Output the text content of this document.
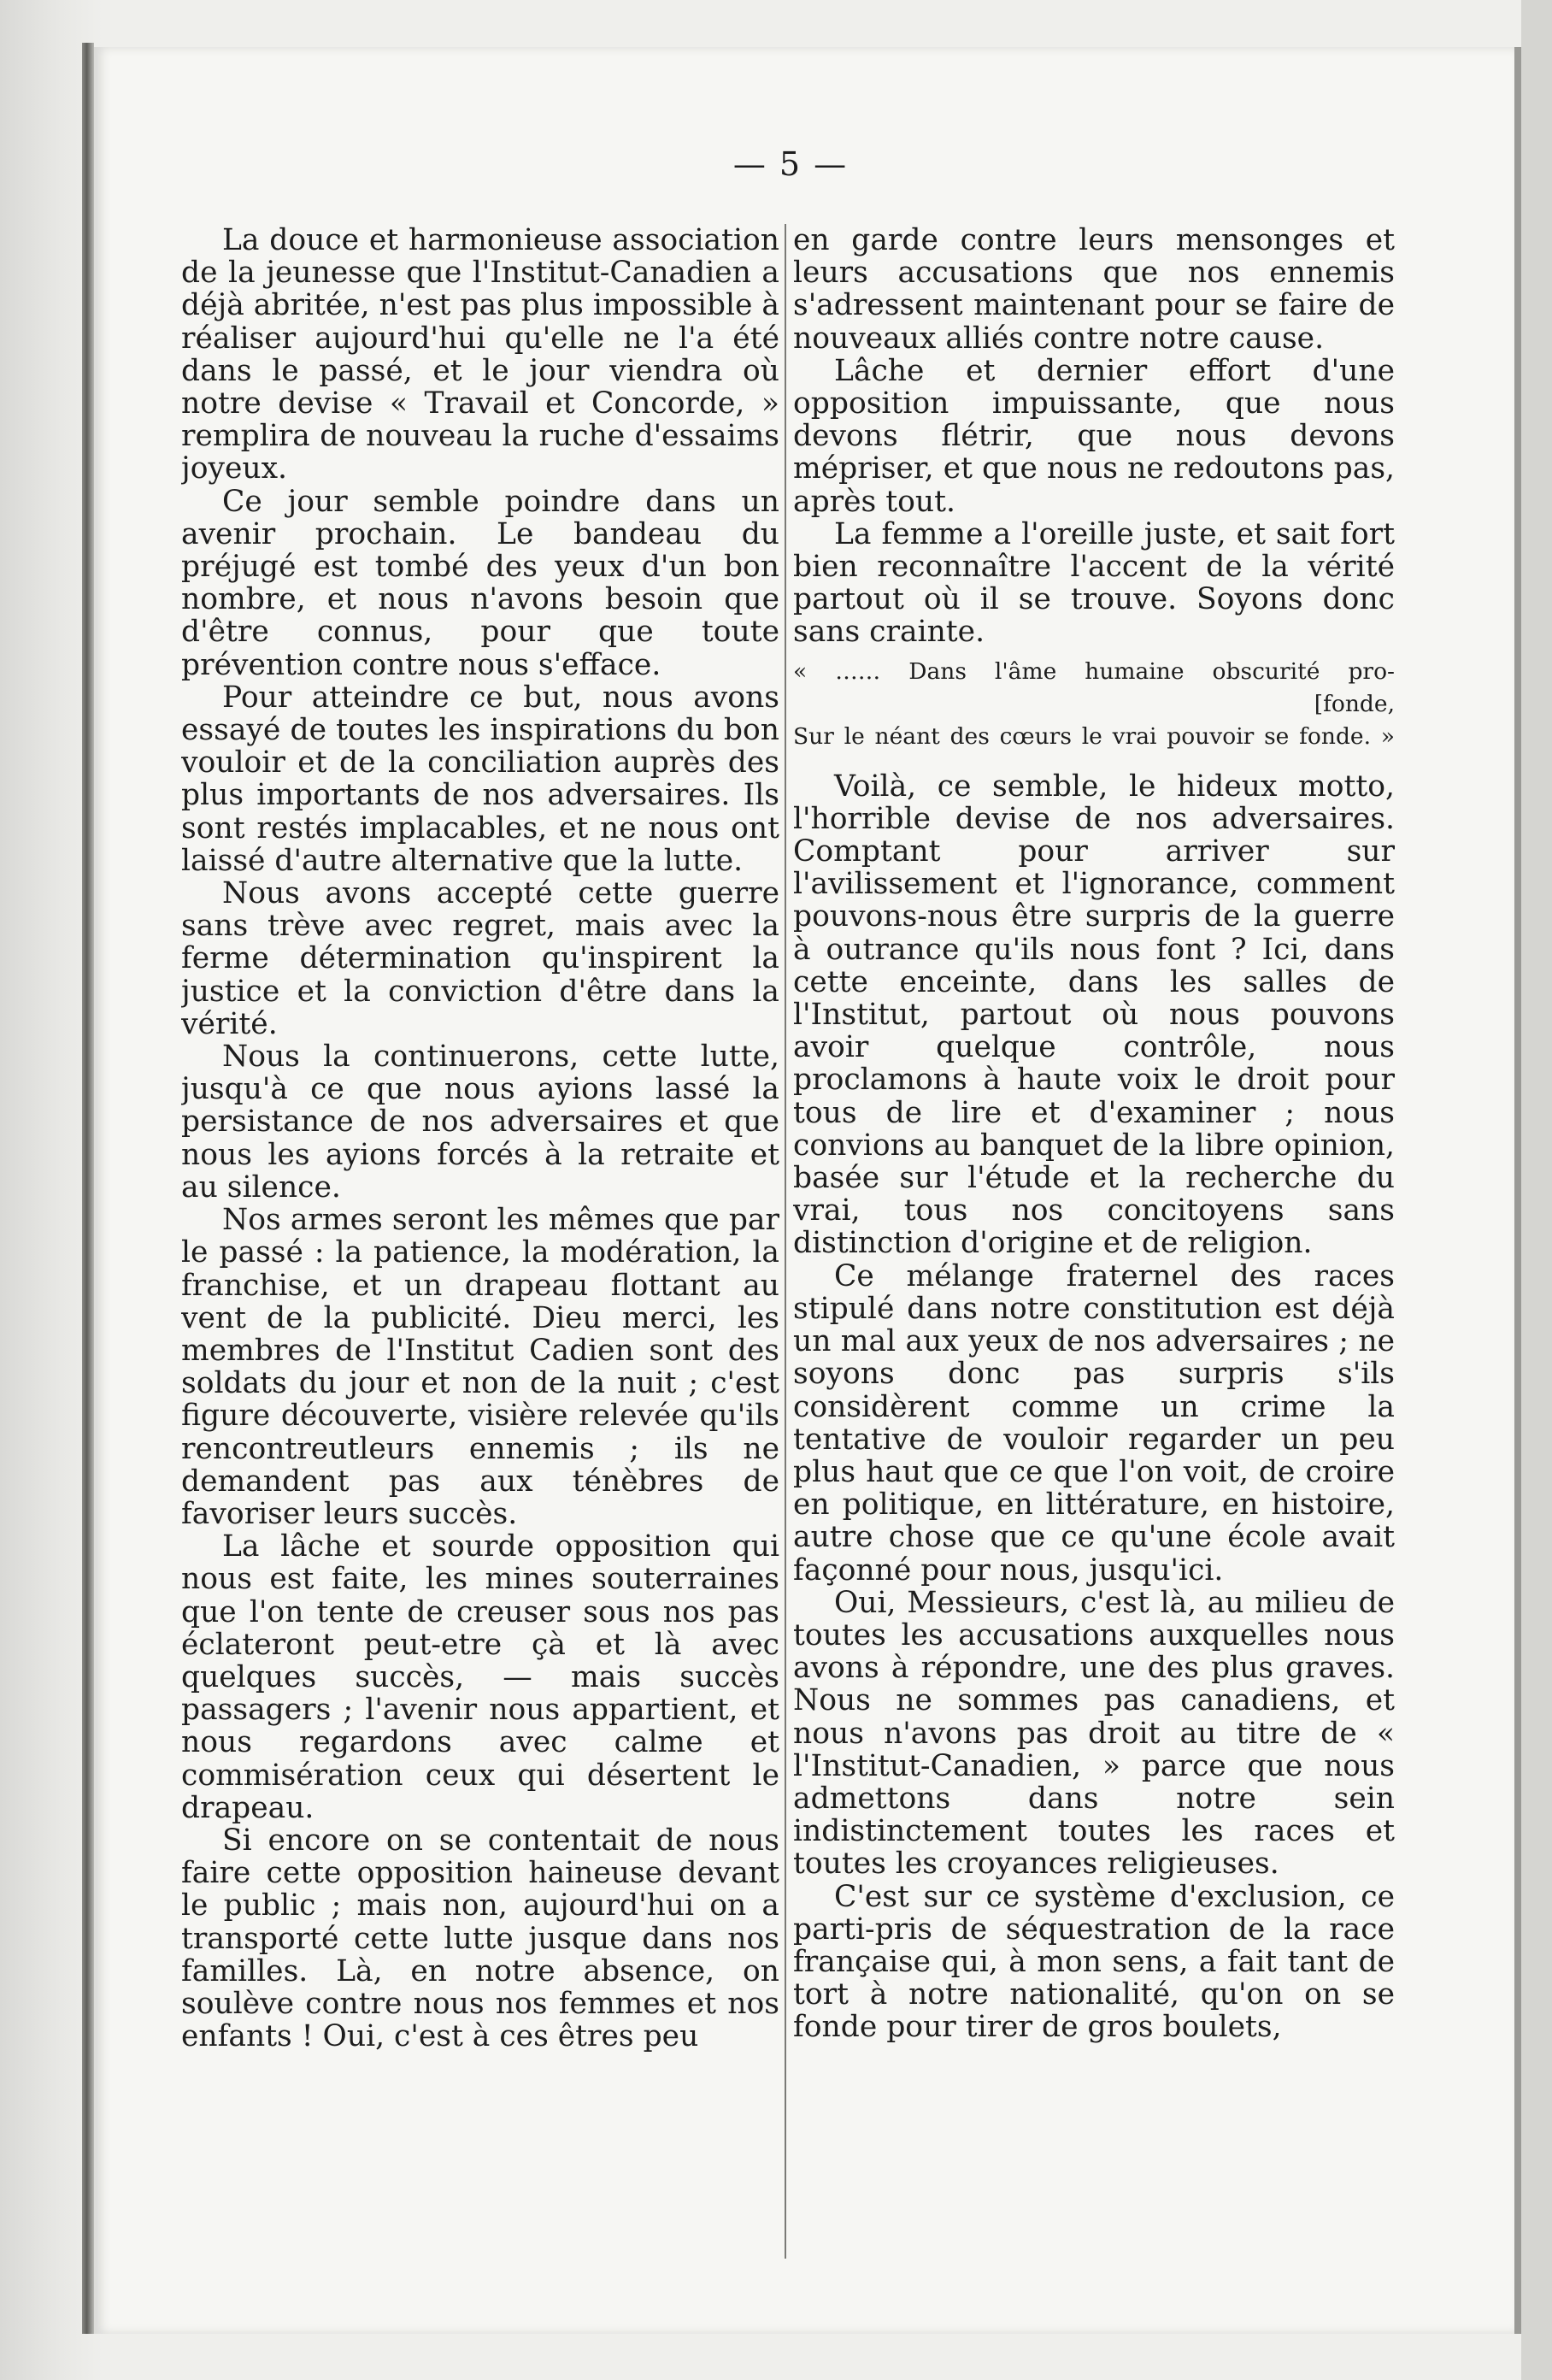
— 5 —

La douce et harmonieuse association de la jeunesse que l'Institut-Canadien a déjà abritée, n'est pas plus impossible à réaliser aujourd'hui qu'elle ne l'a été dans le passé, et le jour viendra où notre devise « Travail et Concorde, » remplira de nouveau la ruche d'essaims joyeux.

Ce jour semble poindre dans un avenir prochain. Le bandeau du préjugé est tombé des yeux d'un bon nombre, et nous n'avons besoin que d'être connus, pour que toute prévention contre nous s'efface.

Pour atteindre ce but, nous avons essayé de toutes les inspirations du bon vouloir et de la conciliation auprès des plus importants de nos adversaires. Ils sont restés implacables, et ne nous ont laissé d'autre alternative que la lutte.

Nous avons accepté cette guerre sans trève avec regret, mais avec la ferme détermination qu'inspirent la justice et la conviction d'être dans la vérité.

Nous la continuerons, cette lutte, jusqu'à ce que nous ayions lassé la persistance de nos adversaires et que nous les ayions forcés à la retraite et au silence.

Nos armes seront les mêmes que par le passé : la patience, la modération, la franchise, et un drapeau flottant au vent de la publicité. Dieu merci, les membres de l'Institut Cadien sont des soldats du jour et non de la nuit ; c'est figure découverte, visière relevée qu'ils rencontreutleurs ennemis ; ils ne demandent pas aux ténèbres de favoriser leurs succès.

La lâche et sourde opposition qui nous est faite, les mines souterraines que l'on tente de creuser sous nos pas éclateront peut-etre çà et là avec quelques succès, — mais succès passagers ; l'avenir nous appartient, et nous regardons avec calme et commisération ceux qui désertent le drapeau.

Si encore on se contentait de nous faire cette opposition haineuse devant le public ; mais non, aujourd'hui on a transporté cette lutte jusque dans nos familles. Là, en notre absence, on soulève contre nous nos femmes et nos enfants ! Oui, c'est à ces êtres peu

en garde contre leurs mensonges et leurs accusations que nos ennemis s'adressent maintenant pour se faire de nouveaux alliés contre notre cause.

Lâche et dernier effort d'une opposition impuissante, que nous devons flétrir, que nous devons mépriser, et que nous ne redoutons pas, après tout.

La femme a l'oreille juste, et sait fort bien reconnaître l'accent de la vérité partout où il se trouve. Soyons donc sans crainte.

« …… Dans l'âme humaine obscurité pro-
[fonde,
Sur le néant des cœurs le vrai pouvoir se fonde. »

Voilà, ce semble, le hideux motto, l'horrible devise de nos adversaires. Comptant pour arriver sur l'avilissement et l'ignorance, comment pouvons-nous être surpris de la guerre à outrance qu'ils nous font ? Ici, dans cette enceinte, dans les salles de l'Institut, partout où nous pouvons avoir quelque contrôle, nous proclamons à haute voix le droit pour tous de lire et d'examiner ; nous convions au banquet de la libre opinion, basée sur l'étude et la recherche du vrai, tous nos concitoyens sans distinction d'origine et de religion.

Ce mélange fraternel des races stipulé dans notre constitution est déjà un mal aux yeux de nos adversaires ; ne soyons donc pas surpris s'ils considèrent comme un crime la tentative de vouloir regarder un peu plus haut que ce que l'on voit, de croire en politique, en littérature, en histoire, autre chose que ce qu'une école avait façonné pour nous, jusqu'ici.

Oui, Messieurs, c'est là, au milieu de toutes les accusations auxquelles nous avons à répondre, une des plus graves. Nous ne sommes pas canadiens, et nous n'avons pas droit au titre de « l'Institut-Canadien, » parce que nous admettons dans notre sein indistinctement toutes les races et toutes les croyances religieuses.

C'est sur ce système d'exclusion, ce parti-pris de séquestration de la race française qui, à mon sens, a fait tant de tort à notre nationalité, qu'on on se fonde pour tirer de gros boulets,
